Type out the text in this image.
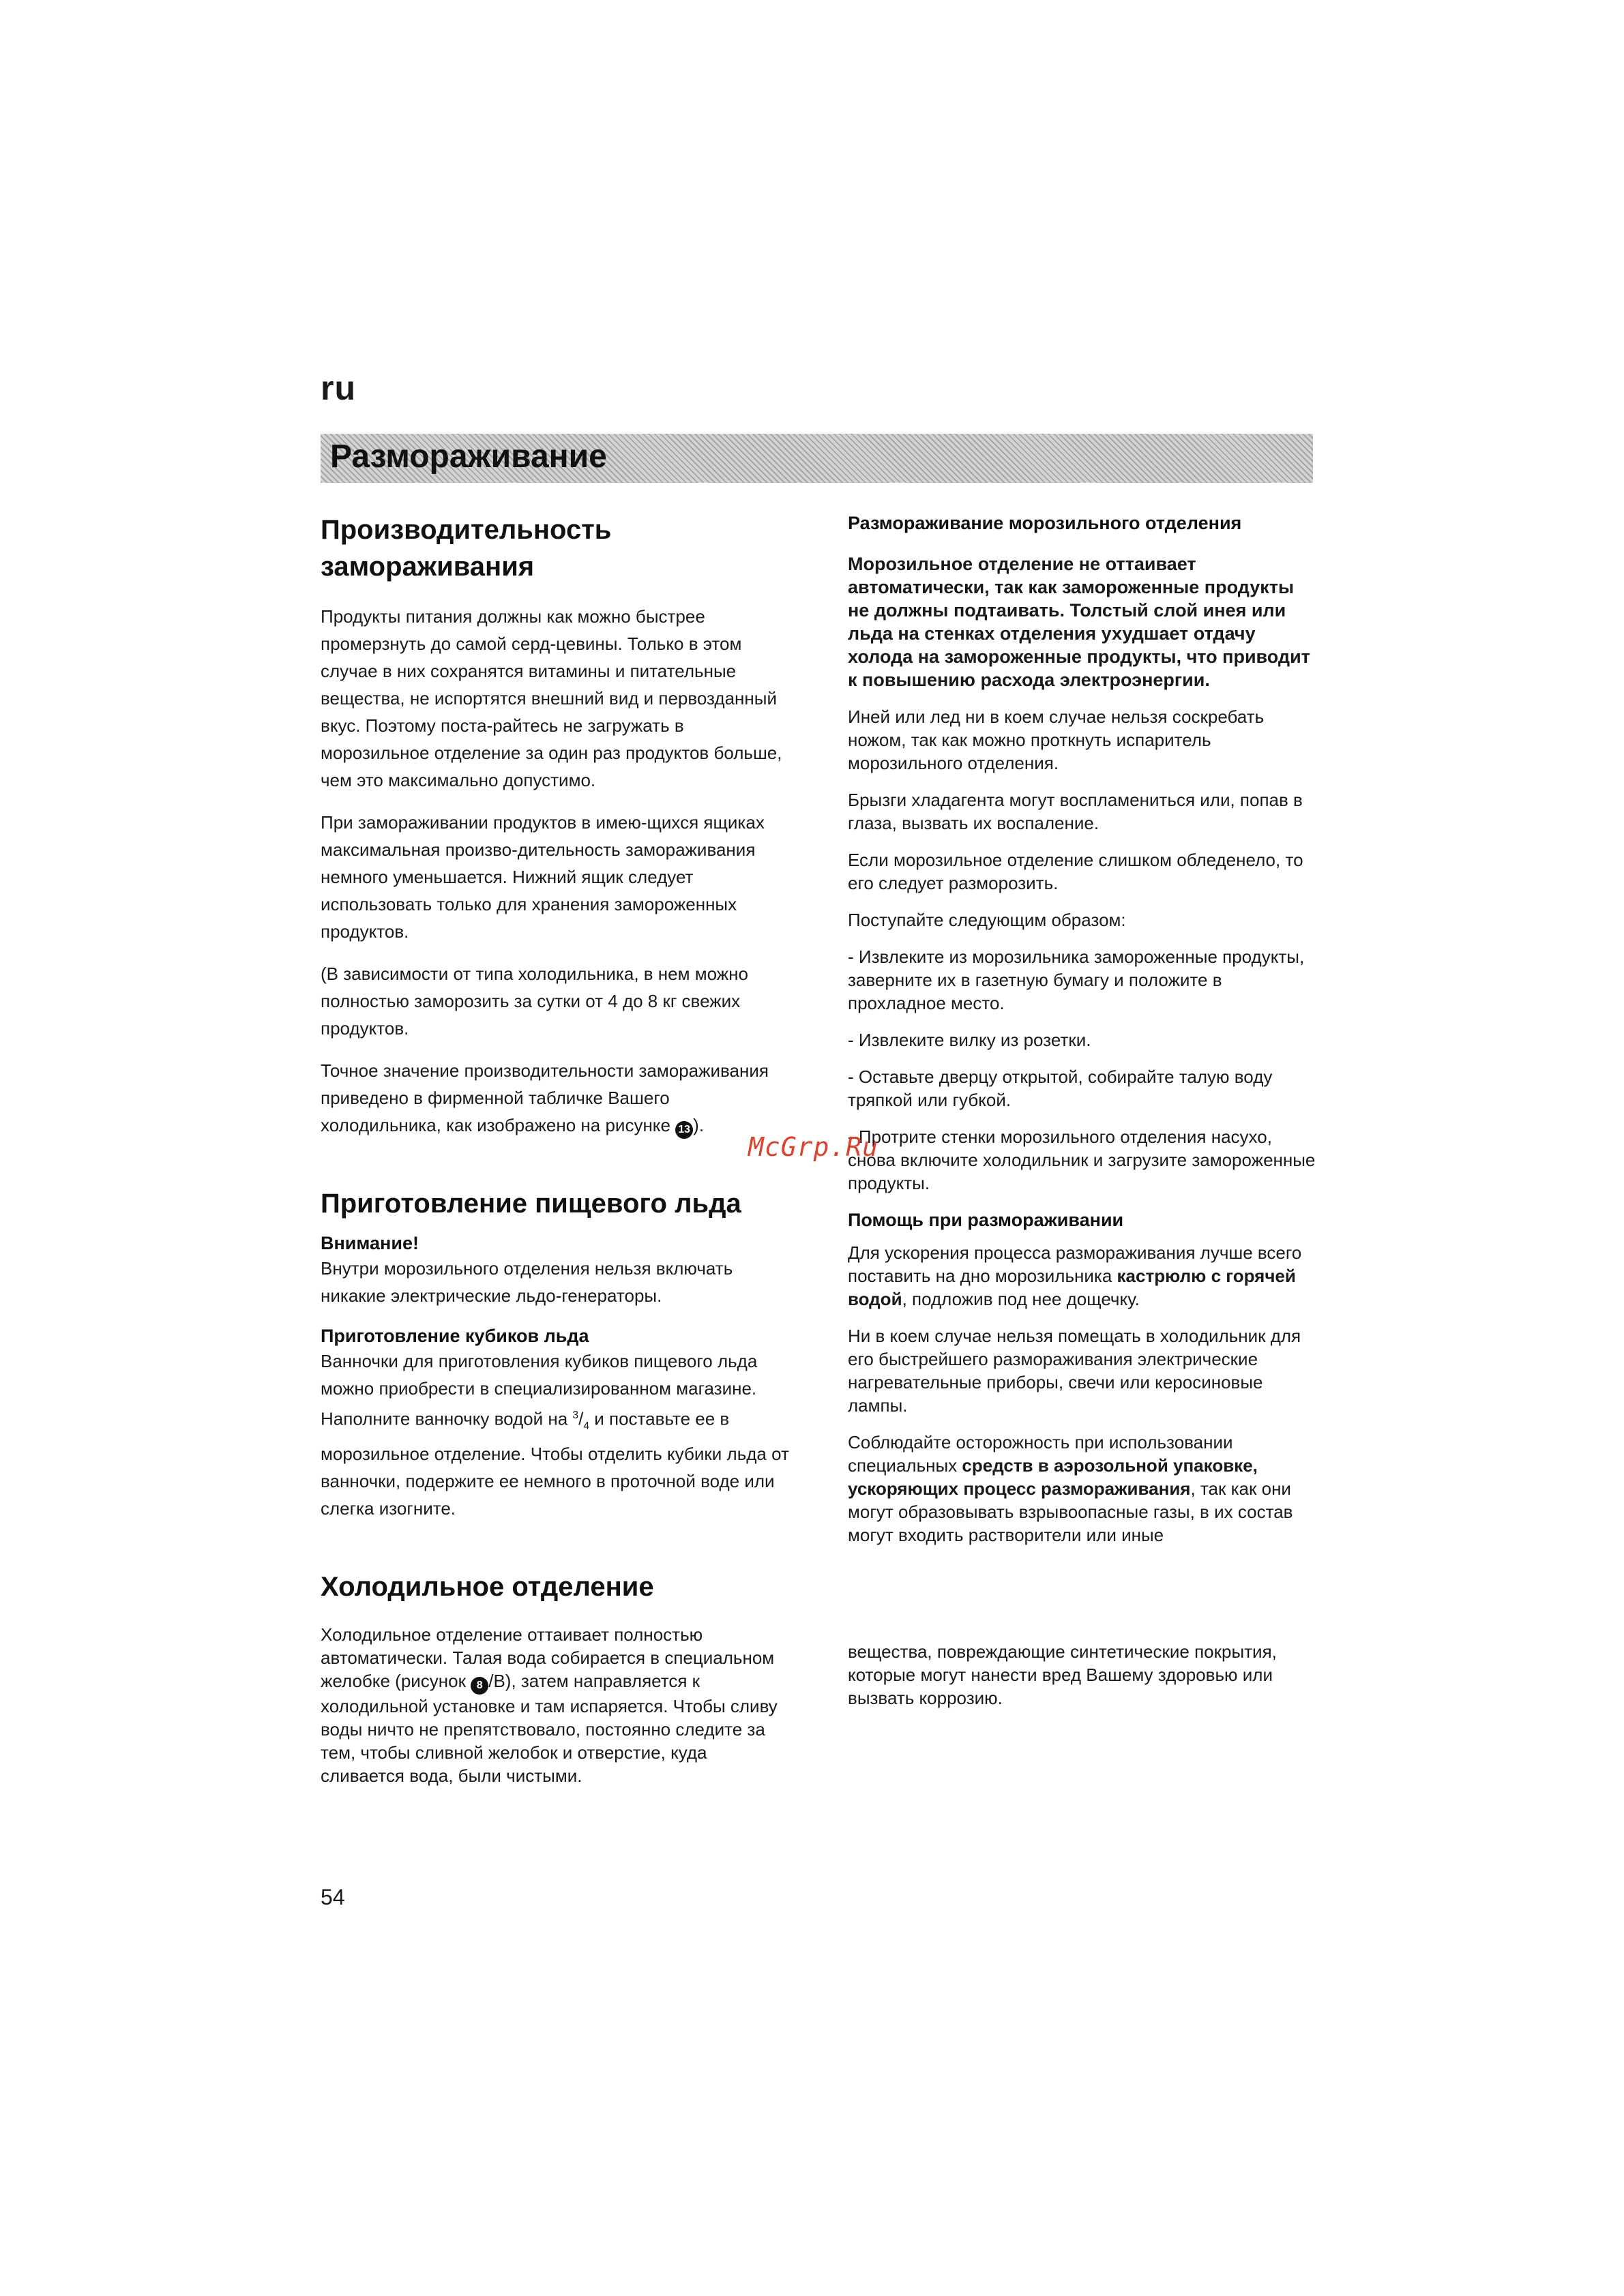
ru
Размораживание
Производительность замораживания

Продукты питания должны как можно быстрее промерзнуть до самой серд-цевины. Только в этом случае в них сохранятся витамины и питательные вещества, не испортятся внешний вид и первозданный вкус. Поэтому поста-райтесь не загружать в морозильное отделение за один раз продуктов больше, чем это максимально допустимо.

При замораживании продуктов в имею-щихся ящиках максимальная произво-дительность замораживания немного уменьшается. Нижний ящик следует использовать только для хранения замороженных продуктов.

(В зависимости от типа холодильника, в нем можно полностью заморозить за сутки от 4 до 8 кг свежих продуктов.

Точное значение производительности замораживания приведено в фирменной табличке Вашего холодильника, как изображено на рисунке 13 ).

Приготовление пищевого льда
Внимание!

Внутри морозильного отделения нельзя включать никакие электрические льдо-генераторы.

Приготовление кубиков льда

Ванночки для приготовления кубиков пищевого льда можно приобрести в специализированном магазине. Наполните ванночку водой на $^3/_4$ и поставьте ее в морозильное отделение. Чтобы отделить кубики льда от ванночки, подержите ее немного в проточной воде или слегка изогните.

Холодильное отделение

Холодильное отделение оттаивает полностью автоматически. Талая вода собирается в специальном желобке (рисунок 8 /B), затем направляется к холодильной установке и там испаряется. Чтобы сливу воды ничто не препятствовало, постоянно следите за тем, чтобы сливной желобок и отверстие, куда сливается вода, были чистыми.

Размораживание морозильного отделения

Морозильное отделение не оттаивает автоматически, так как замороженные продукты не должны подтаивать. Толстый слой инея или льда на стенках отделения ухудшает отдачу холода на замороженные продукты, что приводит к повышению расхода электроэнергии.

Иней или лед ни в коем случае нельзя соскребать ножом, так как можно проткнуть испаритель морозильного отделения.

Брызги хладагента могут воспламениться или, попав в глаза, вызвать их воспаление.

Если морозильное отделение слишком обледенело, то его следует разморозить.

Поступайте следующим образом:

- Извлеките из морозильника замороженные продукты, заверните их в газетную бумагу и положите в прохладное место.

- Извлеките вилку из розетки.

- Оставьте дверцу открытой, собирайте талую воду тряпкой или губкой.

- Протрите стенки морозильного отделения насухо, снова включите холодильник и загрузите замороженные продукты.

Помощь при размораживании

Для ускорения процесса размораживания лучше всего поставить на дно морозильника кастрюлю с горячей водой, подложив под нее дощечку.

Ни в коем случае нельзя помещать в холодильник для его быстрейшего размораживания электрические нагревательные приборы, свечи или керосиновые лампы.

Соблюдайте осторожность при использовании специальных средств в аэрозольной упаковке, ускоряющих процесс размораживания, так как они могут образовывать взрывоопасные газы, в их состав могут входить растворители или иные

вещества, повреждающие синтетические покрытия, которые могут нанести вред Вашему здоровью или вызвать коррозию.

McGrp.Ru
54
